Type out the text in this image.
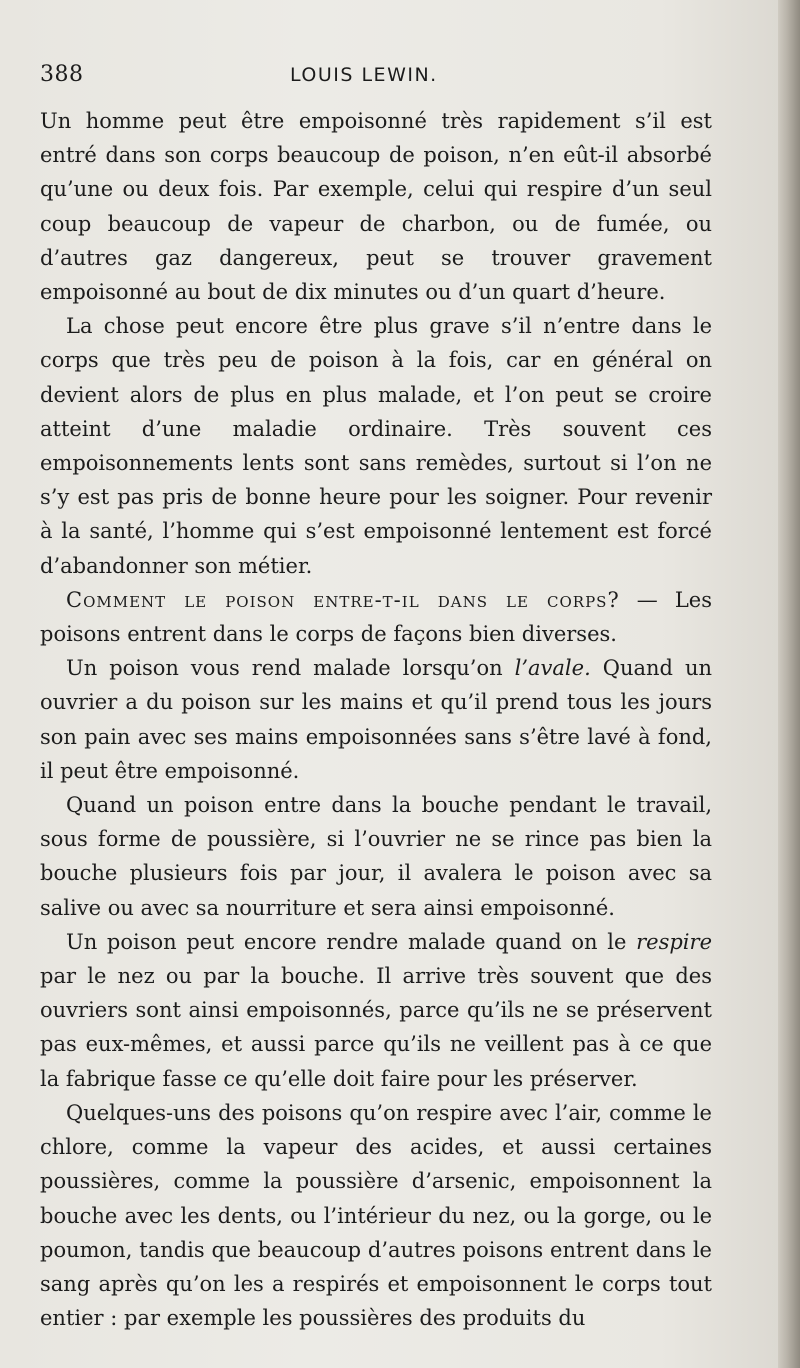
388	LOUIS LEWIN.

Un homme peut être empoisonné très rapidement s’il est entré dans son corps beaucoup de poison, n’en eût-il absorbé qu’une ou deux fois. Par exemple, celui qui respire d’un seul coup beaucoup de vapeur de charbon, ou de fumée, ou d’autres gaz dangereux, peut se trouver gravement empoisonné au bout de dix minutes ou d’un quart d’heure.

La chose peut encore être plus grave s’il n’entre dans le corps que très peu de poison à la fois, car en général on devient alors de plus en plus malade, et l’on peut se croire atteint d’une maladie ordinaire. Très souvent ces empoisonnements lents sont sans remèdes, surtout si l’on ne s’y est pas pris de bonne heure pour les soigner. Pour revenir à la santé, l’homme qui s’est empoisonné lentement est forcé d’abandonner son métier.

Comment le poison entre-t-il dans le corps? — Les poisons entrent dans le corps de façons bien diverses.

Un poison vous rend malade lorsqu’on l’avale. Quand un ouvrier a du poison sur les mains et qu’il prend tous les jours son pain avec ses mains empoisonnées sans s’être lavé à fond, il peut être empoisonné.

Quand un poison entre dans la bouche pendant le travail, sous forme de poussière, si l’ouvrier ne se rince pas bien la bouche plusieurs fois par jour, il avalera le poison avec sa salive ou avec sa nourriture et sera ainsi empoisonné.

Un poison peut encore rendre malade quand on le respire par le nez ou par la bouche. Il arrive très souvent que des ouvriers sont ainsi empoisonnés, parce qu’ils ne se préservent pas eux-mêmes, et aussi parce qu’ils ne veillent pas à ce que la fabrique fasse ce qu’elle doit faire pour les préserver.

Quelques-uns des poisons qu’on respire avec l’air, comme le chlore, comme la vapeur des acides, et aussi certaines poussières, comme la poussière d’arsenic, empoisonnent la bouche avec les dents, ou l’intérieur du nez, ou la gorge, ou le poumon, tandis que beaucoup d’autres poisons entrent dans le sang après qu’on les a respirés et empoisonnent le corps tout entier : par exemple les poussières des produits du
